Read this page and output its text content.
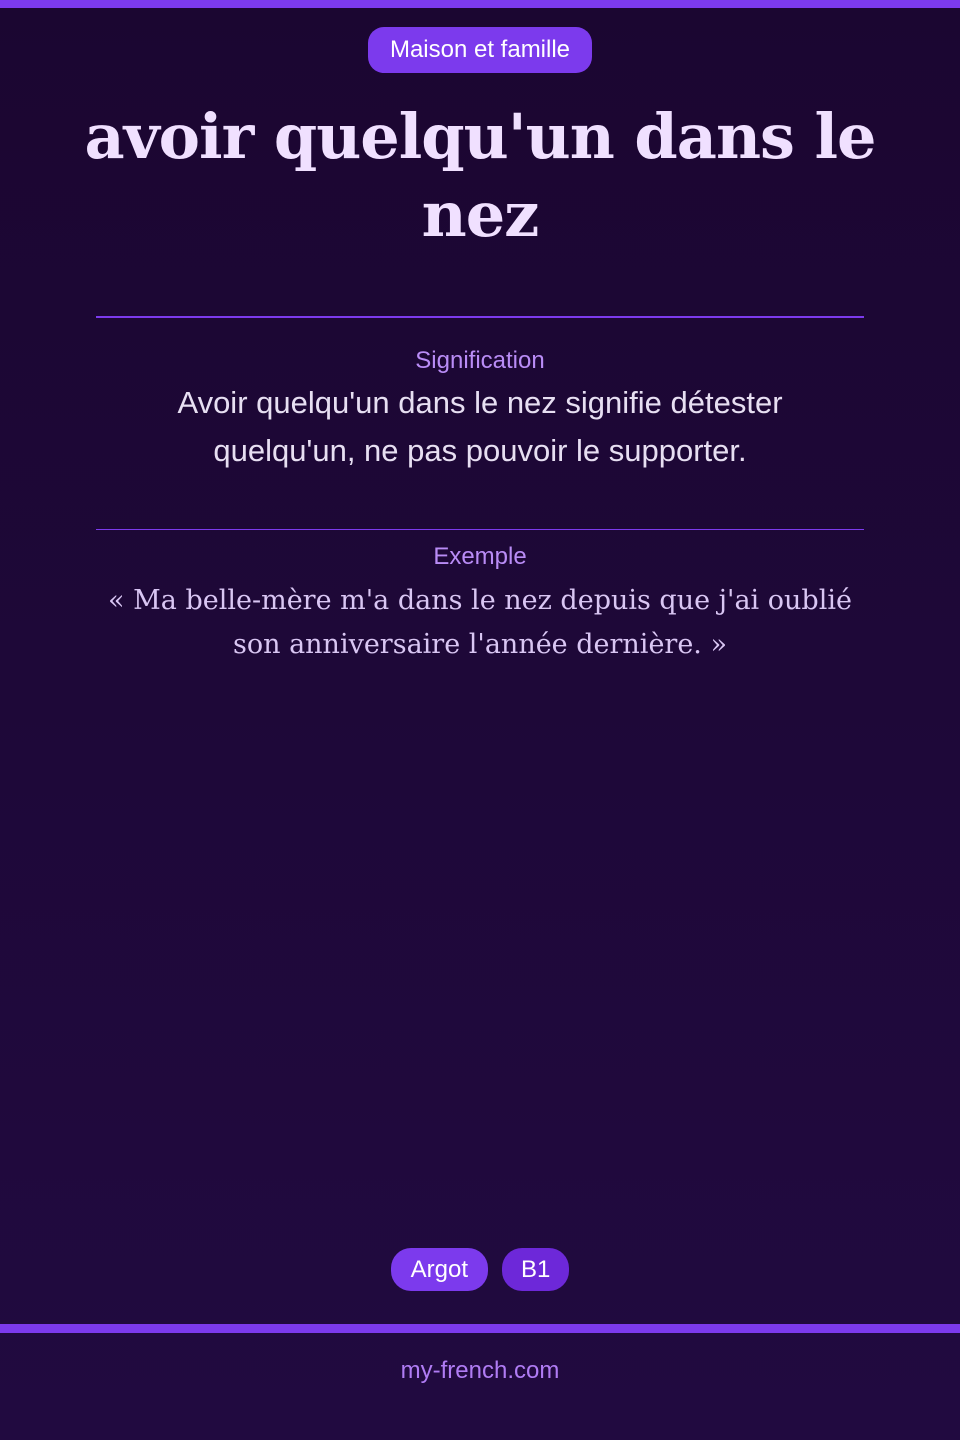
Maison et famille
avoir quelqu'un dans le nez
Signification

Avoir quelqu'un dans le nez signifie détester quelqu'un, ne pas pouvoir le supporter.

Exemple

« Ma belle-mère m'a dans le nez depuis que j'ai oublié son anniversaire l'année dernière. »

Argot	B1
my-french.com
